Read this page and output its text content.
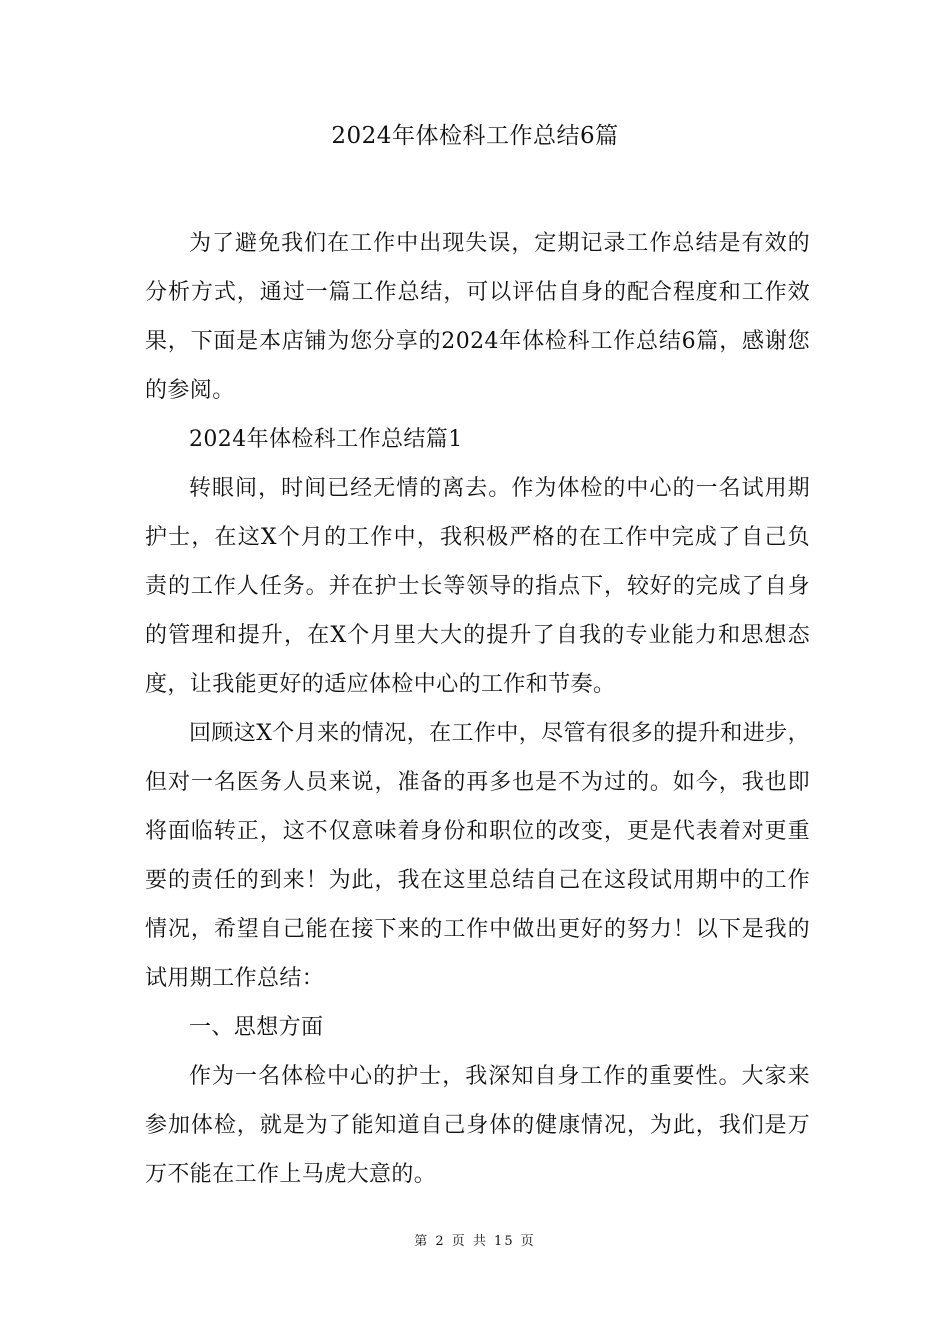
2024年体检科工作总结6篇

为了避免我们在工作中出现失误，定期记录工作总结是有效的分析方式，通过一篇工作总结，可以评估自身的配合程度和工作效果，下面是本店铺为您分享的2024年体检科工作总结6篇，感谢您的参阅。

2024年体检科工作总结篇1

转眼间，时间已经无情的离去。作为体检的中心的一名试用期护士，在这X个月的工作中，我积极严格的在工作中完成了自己负责的工作人任务。并在护士长等领导的指点下，较好的完成了自身的管理和提升，在X个月里大大的提升了自我的专业能力和思想态度，让我能更好的适应体检中心的工作和节奏。

回顾这X个月来的情况，在工作中，尽管有很多的提升和进步，但对一名医务人员来说，准备的再多也是不为过的。如今，我也即将面临转正，这不仅意味着身份和职位的改变，更是代表着对更重要的责任的到来！为此，我在这里总结自己在这段试用期中的工作情况，希望自己能在接下来的工作中做出更好的努力！以下是我的试用期工作总结：

一、思想方面

作为一名体检中心的护士，我深知自身工作的重要性。大家来参加体检，就是为了能知道自己身体的健康情况，为此，我们是万万不能在工作上马虎大意的。

第 2 页 共 15 页
